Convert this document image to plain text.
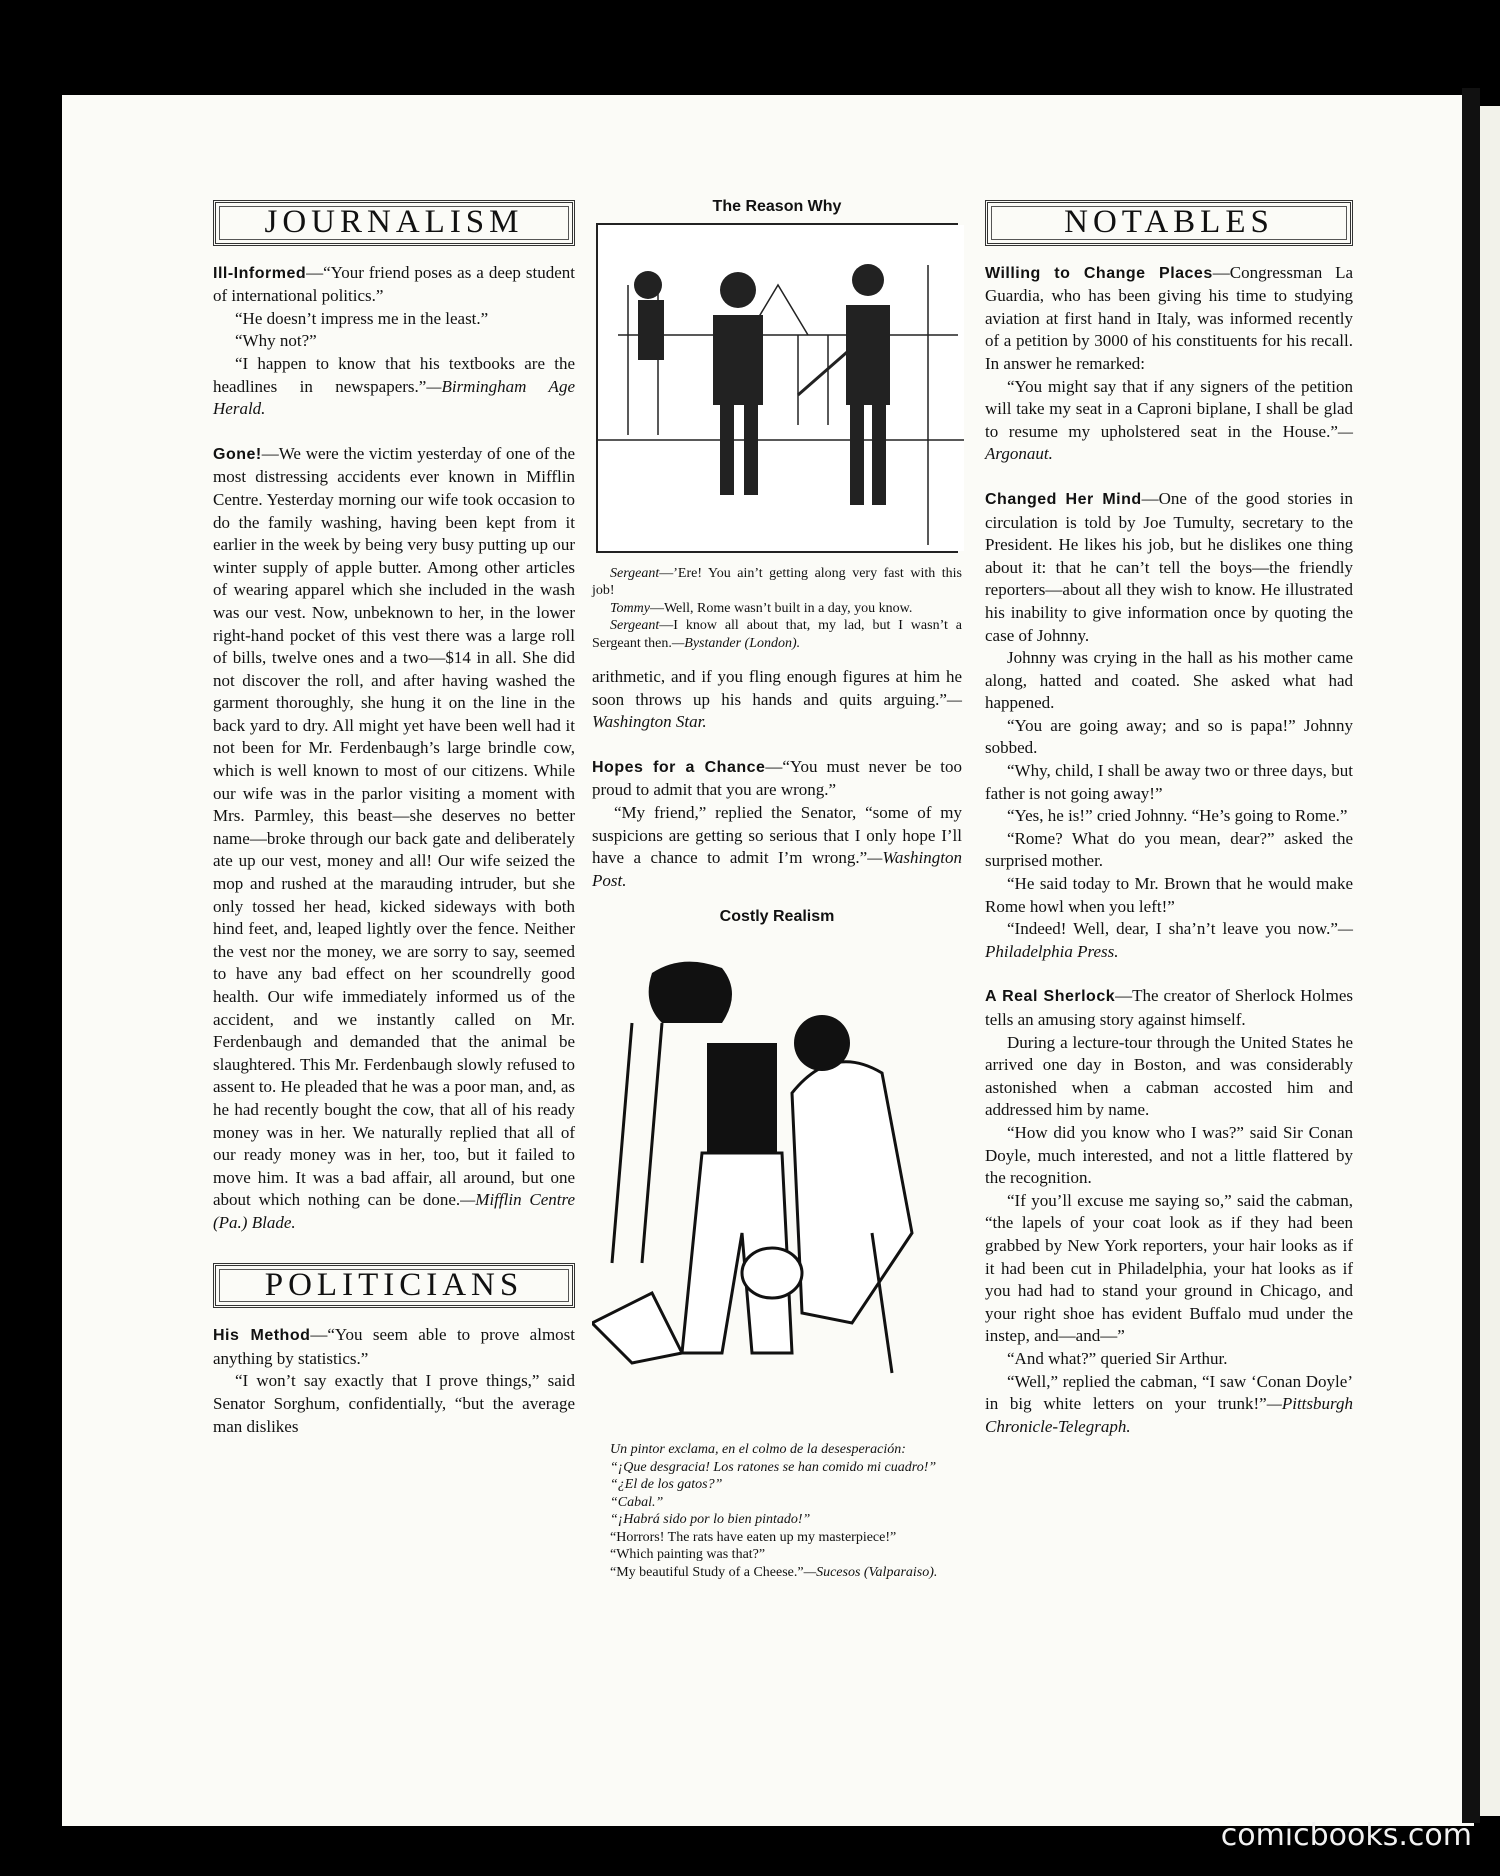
comicbooks.com
JOURNALISM

Ill-Informed—“Your friend poses as a deep student of international politics.”

“He doesn’t impress me in the least.”

“Why not?”

“I happen to know that his textbooks are the headlines in newspapers.”—Birmingham Age Herald.

Gone!—We were the victim yesterday of one of the most distressing accidents ever known in Mifflin Centre. Yesterday morning our wife took occasion to do the family washing, having been kept from it earlier in the week by being very busy putting up our winter supply of apple butter. Among other articles of wearing apparel which she included in the wash was our vest. Now, unbeknown to her, in the lower right-hand pocket of this vest there was a large roll of bills, twelve ones and a two—$14 in all. She did not discover the roll, and after having washed the garment thoroughly, she hung it on the line in the back yard to dry. All might yet have been well had it not been for Mr. Ferdenbaugh’s large brindle cow, which is well known to most of our citizens. While our wife was in the parlor visiting a moment with Mrs. Parmley, this beast—she deserves no better name—broke through our back gate and deliberately ate up our vest, money and all! Our wife seized the mop and rushed at the marauding intruder, but she only tossed her head, kicked sideways with both hind feet, and, leaped lightly over the fence. Neither the vest nor the money, we are sorry to say, seemed to have any bad effect on her scoundrelly good health. Our wife immediately informed us of the accident, and we instantly called on Mr. Ferdenbaugh and demanded that the animal be slaughtered. This Mr. Ferdenbaugh slowly refused to assent to. He pleaded that he was a poor man, and, as he had recently bought the cow, that all of his ready money was in her. We naturally replied that all of our ready money was in her, too, but it failed to move him. It was a bad affair, all around, but one about which nothing can be done.—Mifflin Centre (Pa.) Blade.

POLITICIANS

His Method—“You seem able to prove almost anything by statistics.”

“I won’t say exactly that I prove things,” said Senator Sorghum, confidentially, “but the average man dislikes

The Reason Why

Sergeant—’Ere! You ain’t getting along very fast with this job!

Tommy—Well, Rome wasn’t built in a day, you know.

Sergeant—I know all about that, my lad, but I wasn’t a Sergeant then.—Bystander (London).

arithmetic, and if you fling enough figures at him he soon throws up his hands and quits arguing.”—Washington Star.

Hopes for a Chance—“You must never be too proud to admit that you are wrong.”

“My friend,” replied the Senator, “some of my suspicions are getting so serious that I only hope I’ll have a chance to admit I’m wrong.”—Washington Post.

Costly Realism

Un pintor exclama, en el colmo de la desesperación:

“¡Que desgracia! Los ratones se han comido mi cuadro!”

“¿El de los gatos?”

“Cabal.”

“¡Habrá sido por lo bien pintado!”

“Horrors! The rats have eaten up my masterpiece!”

“Which painting was that?”

“My beautiful Study of a Cheese.”—Sucesos (Valparaiso).

NOTABLES

Willing to Change Places—Congressman La Guardia, who has been giving his time to studying aviation at first hand in Italy, was informed recently of a petition by 3000 of his constituents for his recall. In answer he remarked:

“You might say that if any signers of the petition will take my seat in a Caproni biplane, I shall be glad to resume my upholstered seat in the House.”—Argonaut.

Changed Her Mind—One of the good stories in circulation is told by Joe Tumulty, secretary to the President. He likes his job, but he dislikes one thing about it: that he can’t tell the boys—the friendly reporters—about all they wish to know. He illustrated his inability to give information once by quoting the case of Johnny.

Johnny was crying in the hall as his mother came along, hatted and coated. She asked what had happened.

“You are going away; and so is papa!” Johnny sobbed.

“Why, child, I shall be away two or three days, but father is not going away!”

“Yes, he is!” cried Johnny. “He’s going to Rome.”

“Rome? What do you mean, dear?” asked the surprised mother.

“He said today to Mr. Brown that he would make Rome howl when you left!”

“Indeed! Well, dear, I sha’n’t leave you now.”—Philadelphia Press.

A Real Sherlock—The creator of Sherlock Holmes tells an amusing story against himself.

During a lecture-tour through the United States he arrived one day in Boston, and was considerably astonished when a cabman accosted him and addressed him by name.

“How did you know who I was?” said Sir Conan Doyle, much interested, and not a little flattered by the recognition.

“If you’ll excuse me saying so,” said the cabman, “the lapels of your coat look as if they had been grabbed by New York reporters, your hair looks as if it had been cut in Philadelphia, your hat looks as if you had had to stand your ground in Chicago, and your right shoe has evident Buffalo mud under the instep, and—and—”

“And what?” queried Sir Arthur.

“Well,” replied the cabman, “I saw ‘Conan Doyle’ in big white letters on your trunk!”—Pittsburgh Chronicle-Telegraph.
